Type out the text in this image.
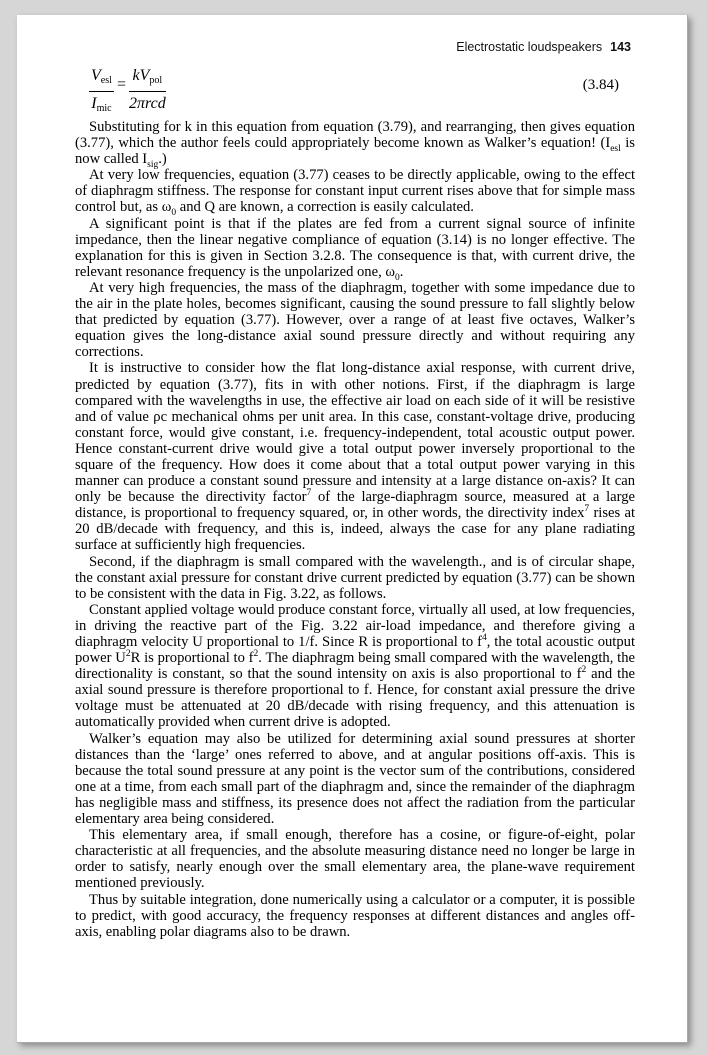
Electrostatic loudspeakers 143
$V_{esl}$
$I_{mic}$
=
$kV_{pol}$
2πrcd
(3.84)

Substituting for k in this equation from equation (3.79), and rearranging, then gives equation (3.77), which the author feels could appropriately become known as Walker’s equation! ($I_{esl}$ is now called $I_{sig}$.)

At very low frequencies, equation (3.77) ceases to be directly applicable, owing to the effect of diaphragm stiffness. The response for constant input current rises above that for simple mass control but, as $\omega_0$ and Q are known, a correction is easily calculated.

A significant point is that if the plates are fed from a current signal source of infinite impedance, then the linear negative compliance of equation (3.14) is no longer effective. The explanation for this is given in Section 3.2.8. The consequence is that, with current drive, the relevant resonance frequency is the unpolarized one, $\omega_0$.

At very high frequencies, the mass of the diaphragm, together with some impedance due to the air in the plate holes, becomes significant, causing the sound pressure to fall slightly below that predicted by equation (3.77). However, over a range of at least five octaves, Walker’s equation gives the long-distance axial sound pressure directly and without requiring any corrections.

It is instructive to consider how the flat long-distance axial response, with current drive, predicted by equation (3.77), fits in with other notions. First, if the diaphragm is large compared with the wavelengths in use, the effective air load on each side of it will be resistive and of value ρc mechanical ohms per unit area. In this case, constant-voltage drive, producing constant force, would give constant, i.e. frequency-independent, total acoustic output power. Hence constant-current drive would give a total output power inversely proportional to the square of the frequency. How does it come about that a total output power varying in this manner can produce a constant sound pressure and intensity at a large distance on-axis? It can only be because the directivity factor$^7$ of the large-diaphragm source, measured at a large distance, is proportional to frequency squared, or, in other words, the directivity index$^7$ rises at 20 dB/decade with frequency, and this is, indeed, always the case for any plane radiating surface at sufficiently high frequencies.

Second, if the diaphragm is small compared with the wavelength., and is of circular shape, the constant axial pressure for constant drive current predicted by equation (3.77) can be shown to be consistent with the data in Fig. 3.22, as follows.

Constant applied voltage would produce constant force, virtually all used, at low frequencies, in driving the reactive part of the Fig. 3.22 air-load impedance, and therefore giving a diaphragm velocity U proportional to 1/f. Since R is proportional to $f^4$, the total acoustic output power $U^2R$ is proportional to $f^2$. The diaphragm being small compared with the wavelength, the directionality is constant, so that the sound intensity on axis is also proportional to $f^2$ and the axial sound pressure is therefore proportional to f. Hence, for constant axial pressure the drive voltage must be attenuated at 20 dB/decade with rising frequency, and this attenuation is automatically provided when current drive is adopted.

Walker’s equation may also be utilized for determining axial sound pressures at shorter distances than the ‘large’ ones referred to above, and at angular positions off-axis. This is because the total sound pressure at any point is the vector sum of the contributions, considered one at a time, from each small part of the diaphragm and, since the remainder of the diaphragm has negligible mass and stiffness, its presence does not affect the radiation from the particular elementary area being considered.

This elementary area, if small enough, therefore has a cosine, or figure-of-eight, polar characteristic at all frequencies, and the absolute measuring distance need no longer be large in order to satisfy, nearly enough over the small elementary area, the plane-wave requirement mentioned previously.

Thus by suitable integration, done numerically using a calculator or a computer, it is possible to predict, with good accuracy, the frequency responses at different distances and angles off-axis, enabling polar diagrams also to be drawn.
